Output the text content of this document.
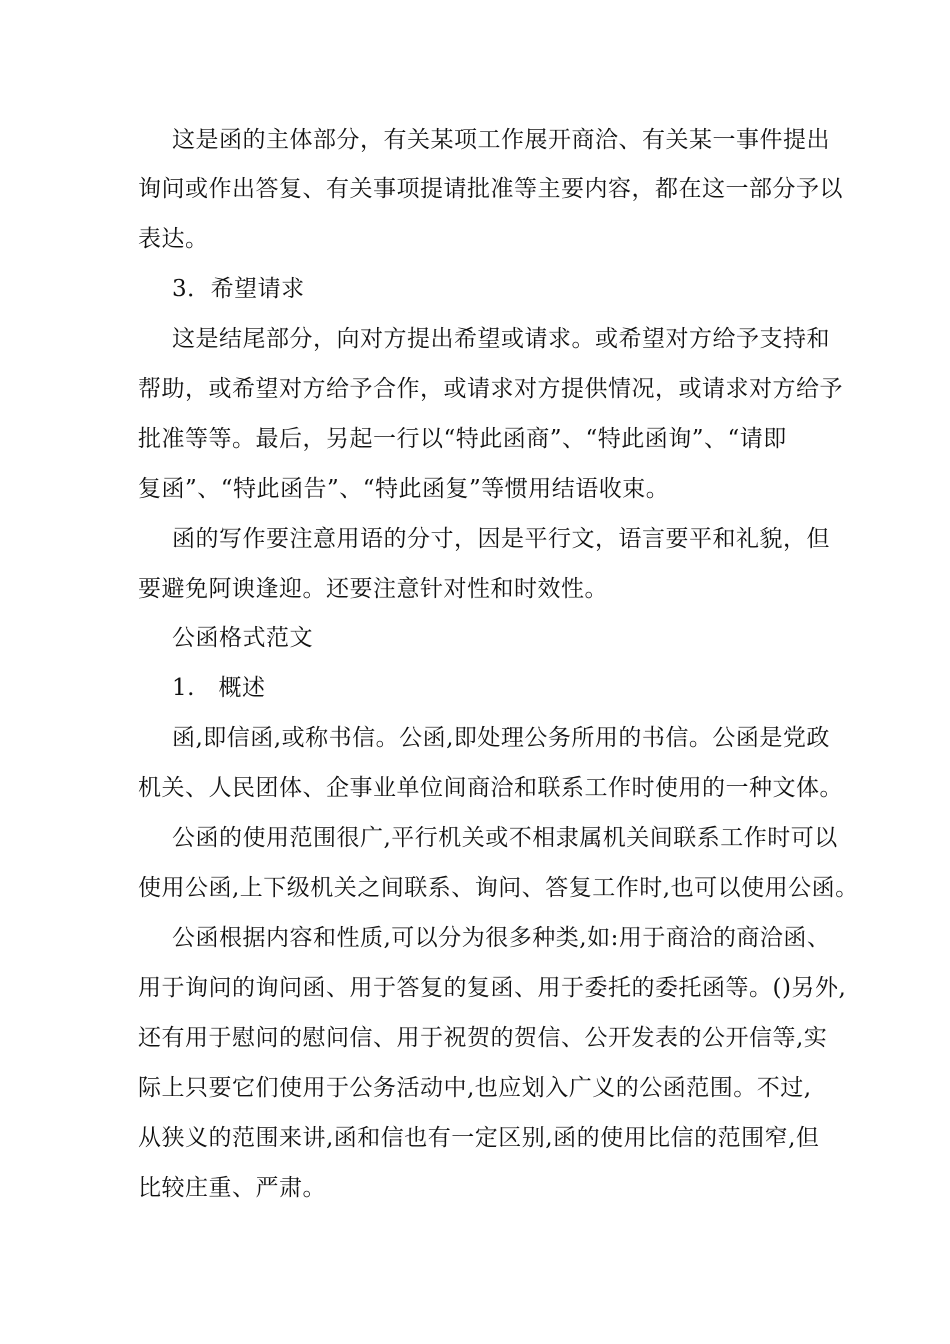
这是函的主体部分，有关某项工作展开商洽、有关某一事件提出
询问或作出答复、有关事项提请批准等主要内容，都在这一部分予以
表达。
3．希望请求
这是结尾部分，向对方提出希望或请求。或希望对方给予支持和
帮助，或希望对方给予合作，或请求对方提供情况，或请求对方给予
批准等等。最后，另起一行以“特此函商”、“特此函询”、“请即
复函”、“特此函告”、“特此函复”等惯用结语收束。
函的写作要注意用语的分寸，因是平行文，语言要平和礼貌，但
要避免阿谀逢迎。还要注意针对性和时效性。
公函格式范文
1.　概述
函,即信函,或称书信。公函,即处理公务所用的书信。公函是党政
机关、人民团体、企事业单位间商洽和联系工作时使用的一种文体。
公函的使用范围很广,平行机关或不相隶属机关间联系工作时可以
使用公函,上下级机关之间联系、询问、答复工作时,也可以使用公函。
公函根据内容和性质,可以分为很多种类,如:用于商洽的商洽函、
用于询问的询问函、用于答复的复函、用于委托的委托函等。()另外,
还有用于慰问的慰问信、用于祝贺的贺信、公开发表的公开信等,实
际上只要它们使用于公务活动中,也应划入广义的公函范围。不过,
从狭义的范围来讲,函和信也有一定区别,函的使用比信的范围窄,但
比较庄重、严肃。
